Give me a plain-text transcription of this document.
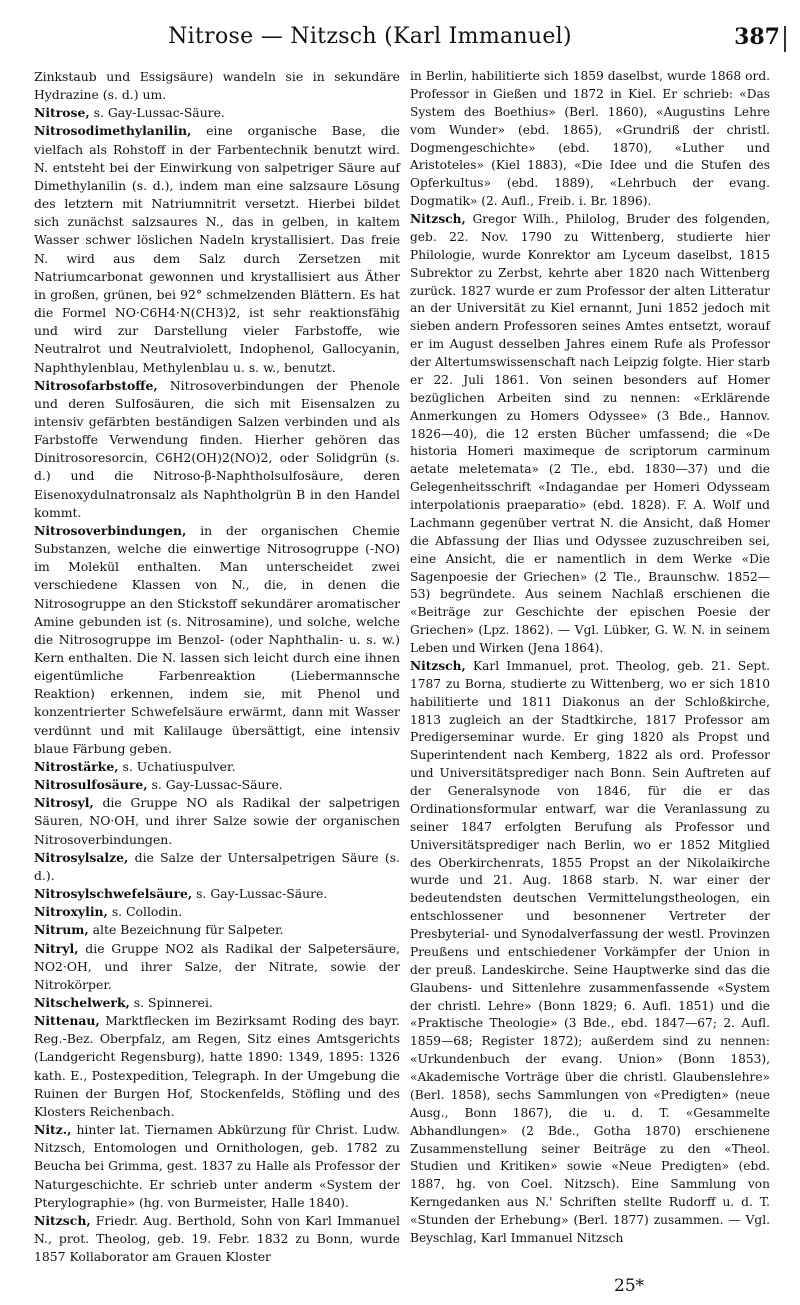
Nitrose — Nitzsch (Karl Immanuel)	387

Zinkstaub und Essigsäure) wandeln sie in sekundäre Hydrazine (s. d.) um.

Nitrose, s. Gay-Lussac-Säure.

Nitrosodimethylanilin, eine organische Base, die vielfach als Rohstoff in der Farbentechnik benutzt wird. N. entsteht bei der Einwirkung von salpetriger Säure auf Dimethylanilin (s. d.), indem man eine salzsaure Lösung des letztern mit Natriumnitrit versetzt. Hierbei bildet sich zunächst salzsaures N., das in gelben, in kaltem Wasser schwer löslichen Nadeln krystallisiert. Das freie N. wird aus dem Salz durch Zersetzen mit Natriumcarbonat gewonnen und krystallisiert aus Äther in großen, grünen, bei 92° schmelzenden Blättern. Es hat die Formel NO·C6H4·N(CH3)2, ist sehr reaktionsfähig und wird zur Darstellung vieler Farbstoffe, wie Neutralrot und Neutralviolett, Indophenol, Gallocyanin, Naphthylenblau, Methylenblau u. s. w., benutzt.

Nitrosofarbstoffe, Nitrosoverbindungen der Phenole und deren Sulfosäuren, die sich mit Eisensalzen zu intensiv gefärbten beständigen Salzen verbinden und als Farbstoffe Verwendung finden. Hierher gehören das Dinitrosoresorcin, C6H2(OH)2(NO)2, oder Solidgrün (s. d.) und die Nitroso-β-Naphtholsulfosäure, deren Eisenoxydulnatronsalz als Naphtholgrün B in den Handel kommt.

Nitrosoverbindungen, in der organischen Chemie Substanzen, welche die einwertige Nitrosogruppe (-NO) im Molekül enthalten. Man unterscheidet zwei verschiedene Klassen von N., die, in denen die Nitrosogruppe an den Stickstoff sekundärer aromatischer Amine gebunden ist (s. Nitrosamine), und solche, welche die Nitrosogruppe im Benzol- (oder Naphthalin- u. s. w.) Kern enthalten. Die N. lassen sich leicht durch eine ihnen eigentümliche Farbenreaktion (Liebermannsche Reaktion) erkennen, indem sie, mit Phenol und konzentrierter Schwefelsäure erwärmt, dann mit Wasser verdünnt und mit Kalilauge übersättigt, eine intensiv blaue Färbung geben.

Nitrostärke, s. Uchatiuspulver.

Nitrosulfosäure, s. Gay-Lussac-Säure.

Nitrosyl, die Gruppe NO als Radikal der salpetrigen Säuren, NO·OH, und ihrer Salze sowie der organischen Nitrosoverbindungen.

Nitrosylsalze, die Salze der Untersalpetrigen Säure (s. d.).

Nitrosylschwefelsäure, s. Gay-Lussac-Säure.

Nitroxylin, s. Collodin.

Nitrum, alte Bezeichnung für Salpeter.

Nitryl, die Gruppe NO2 als Radikal der Salpetersäure, NO2·OH, und ihrer Salze, der Nitrate, sowie der Nitrokörper.

Nitschelwerk, s. Spinnerei.

Nittenau, Marktflecken im Bezirksamt Roding des bayr. Reg.-Bez. Oberpfalz, am Regen, Sitz eines Amtsgerichts (Landgericht Regensburg), hatte 1890: 1349, 1895: 1326 kath. E., Postexpedition, Telegraph. In der Umgebung die Ruinen der Burgen Hof, Stockenfelds, Stöfling und des Klosters Reichenbach.

Nitz., hinter lat. Tiernamen Abkürzung für Christ. Ludw. Nitzsch, Entomologen und Ornithologen, geb. 1782 zu Beucha bei Grimma, gest. 1837 zu Halle als Professor der Naturgeschichte. Er schrieb unter anderm «System der Pterylographie» (hg. von Burmeister, Halle 1840).

Nitzsch, Friedr. Aug. Berthold, Sohn von Karl Immanuel N., prot. Theolog, geb. 19. Febr. 1832 zu Bonn, wurde 1857 Kollaborator am Grauen Kloster

in Berlin, habilitierte sich 1859 daselbst, wurde 1868 ord. Professor in Gießen und 1872 in Kiel. Er schrieb: «Das System des Boethius» (Berl. 1860), «Augustins Lehre vom Wunder» (ebd. 1865), «Grundriß der christl. Dogmengeschichte» (ebd. 1870), «Luther und Aristoteles» (Kiel 1883), «Die Idee und die Stufen des Opferkultus» (ebd. 1889), «Lehrbuch der evang. Dogmatik» (2. Aufl., Freib. i. Br. 1896).

Nitzsch, Gregor Wilh., Philolog, Bruder des folgenden, geb. 22. Nov. 1790 zu Wittenberg, studierte hier Philologie, wurde Konrektor am Lyceum daselbst, 1815 Subrektor zu Zerbst, kehrte aber 1820 nach Wittenberg zurück. 1827 wurde er zum Professor der alten Litteratur an der Universität zu Kiel ernannt, Juni 1852 jedoch mit sieben andern Professoren seines Amtes entsetzt, worauf er im August desselben Jahres einem Rufe als Professor der Altertumswissenschaft nach Leipzig folgte. Hier starb er 22. Juli 1861. Von seinen besonders auf Homer bezüglichen Arbeiten sind zu nennen: «Erklärende Anmerkungen zu Homers Odyssee» (3 Bde., Hannov. 1826—40), die 12 ersten Bücher umfassend; die «De historia Homeri maximeque de scriptorum carminum aetate meletemata» (2 Tle., ebd. 1830—37) und die Gelegenheitsschrift «Indagandae per Homeri Odysseam interpolationis praeparatio» (ebd. 1828). F. A. Wolf und Lachmann gegenüber vertrat N. die Ansicht, daß Homer die Abfassung der Ilias und Odyssee zuzuschreiben sei, eine Ansicht, die er namentlich in dem Werke «Die Sagenpoesie der Griechen» (2 Tle., Braunschw. 1852—53) begründete. Aus seinem Nachlaß erschienen die «Beiträge zur Geschichte der epischen Poesie der Griechen» (Lpz. 1862). — Vgl. Lübker, G. W. N. in seinem Leben und Wirken (Jena 1864).

Nitzsch, Karl Immanuel, prot. Theolog, geb. 21. Sept. 1787 zu Borna, studierte zu Wittenberg, wo er sich 1810 habilitierte und 1811 Diakonus an der Schloßkirche, 1813 zugleich an der Stadtkirche, 1817 Professor am Predigerseminar wurde. Er ging 1820 als Propst und Superintendent nach Kemberg, 1822 als ord. Professor und Universitätsprediger nach Bonn. Sein Auftreten auf der Generalsynode von 1846, für die er das Ordinationsformular entwarf, war die Veranlassung zu seiner 1847 erfolgten Berufung als Professor und Universitätsprediger nach Berlin, wo er 1852 Mitglied des Oberkirchenrats, 1855 Propst an der Nikolaikirche wurde und 21. Aug. 1868 starb. N. war einer der bedeutendsten deutschen Vermittelungstheologen, ein entschlossener und besonnener Vertreter der Presbyterial- und Synodalverfassung der westl. Provinzen Preußens und entschiedener Vorkämpfer der Union in der preuß. Landeskirche. Seine Hauptwerke sind das die Glaubens- und Sittenlehre zusammenfassende «System der christl. Lehre» (Bonn 1829; 6. Aufl. 1851) und die «Praktische Theologie» (3 Bde., ebd. 1847—67; 2. Aufl. 1859—68; Register 1872); außerdem sind zu nennen: «Urkundenbuch der evang. Union» (Bonn 1853), «Akademische Vorträge über die christl. Glaubenslehre» (Berl. 1858), sechs Sammlungen von «Predigten» (neue Ausg., Bonn 1867), die u. d. T. «Gesammelte Abhandlungen» (2 Bde., Gotha 1870) erschienene Zusammenstellung seiner Beiträge zu den «Theol. Studien und Kritiken» sowie «Neue Predigten» (ebd. 1887, hg. von Coel. Nitzsch). Eine Sammlung von Kerngedanken aus N.' Schriften stellte Rudorff u. d. T. «Stunden der Erhebung» (Berl. 1877) zusammen. — Vgl. Beyschlag, Karl Immanuel Nitzsch

25*
